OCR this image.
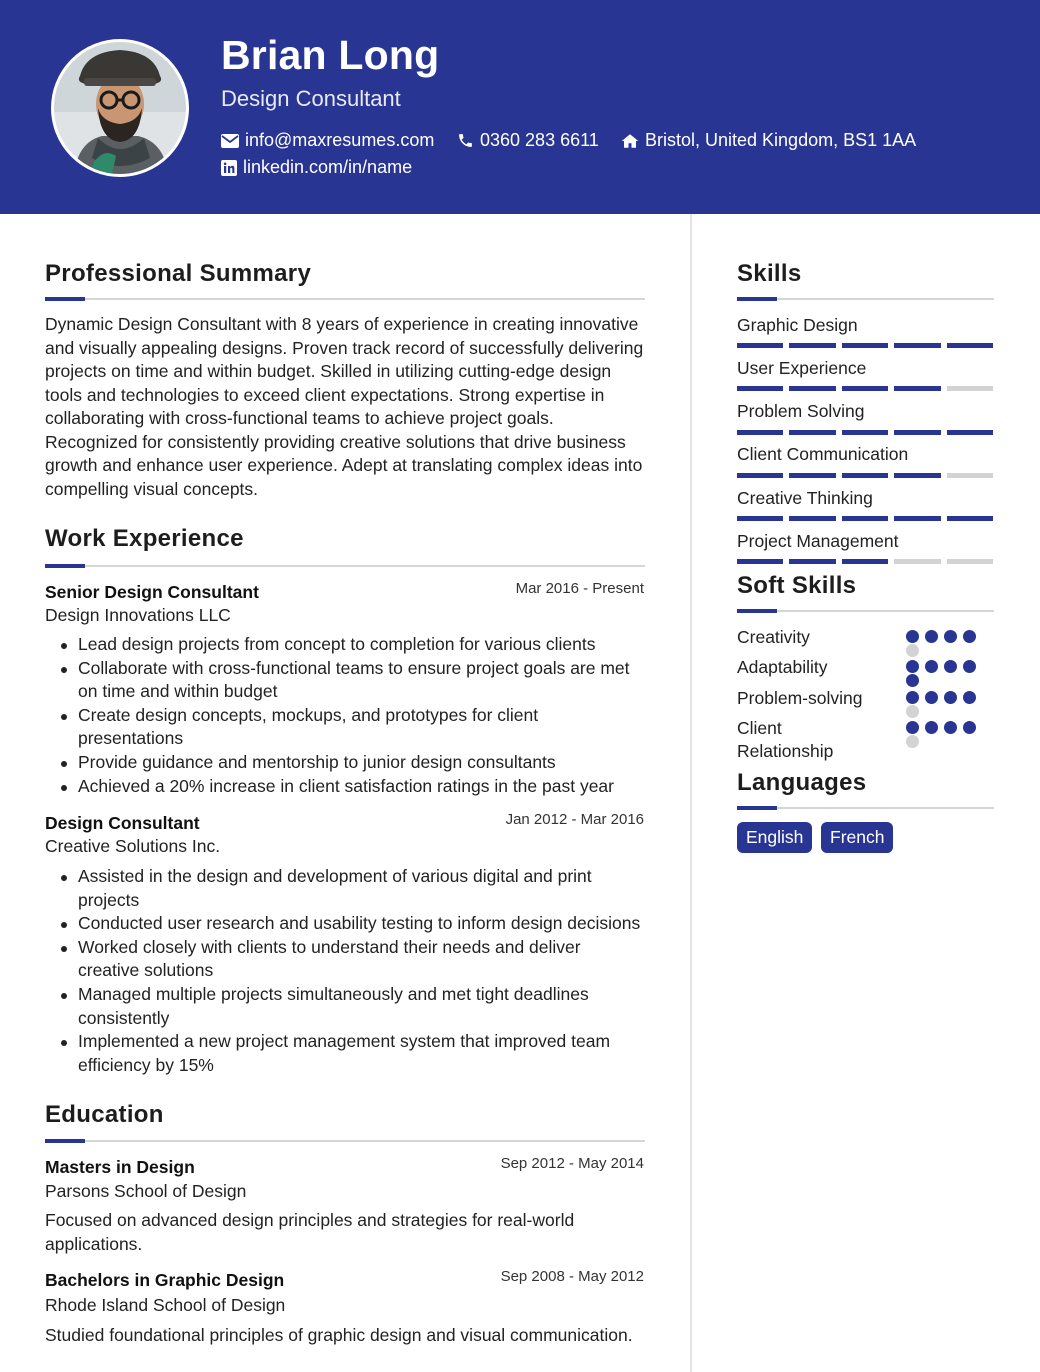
Brian Long
Design Consultant
info@maxresumes.com	0360 283 6611	Bristol, United Kingdom, BS1 1AA
linkedin.com/in/name
Professional Summary
Dynamic Design Consultant with 8 years of experience in creating innovative and visually appealing designs. Proven track record of successfully delivering projects on time and within budget. Skilled in utilizing cutting-edge design tools and technologies to exceed client expectations. Strong expertise in collaborating with cross-functional teams to achieve project goals. Recognized for consistently providing creative solutions that drive business growth and enhance user experience. Adept at translating complex ideas into compelling visual concepts.
Work Experience
Senior Design Consultant	Mar 2016 - Present
Design Innovations LLC
Lead design projects from concept to completion for various clients
Collaborate with cross-functional teams to ensure project goals are met on time and within budget
Create design concepts, mockups, and prototypes for client presentations
Provide guidance and mentorship to junior design consultants
Achieved a 20% increase in client satisfaction ratings in the past year
Design Consultant	Jan 2012 - Mar 2016
Creative Solutions Inc.
Assisted in the design and development of various digital and print projects
Conducted user research and usability testing to inform design decisions
Worked closely with clients to understand their needs and deliver creative solutions
Managed multiple projects simultaneously and met tight deadlines consistently
Implemented a new project management system that improved team efficiency by 15%
Education
Masters in Design	Sep 2012 - May 2014
Parsons School of Design
Focused on advanced design principles and strategies for real-world applications.
Bachelors in Graphic Design	Sep 2008 - May 2012
Rhode Island School of Design
Studied foundational principles of graphic design and visual communication.
Skills
Graphic Design
User Experience
Problem Solving
Client Communication
Creative Thinking
Project Management
Soft Skills
Creativity
Adaptability
Problem-solving
Client Relationship
Languages
English	French
